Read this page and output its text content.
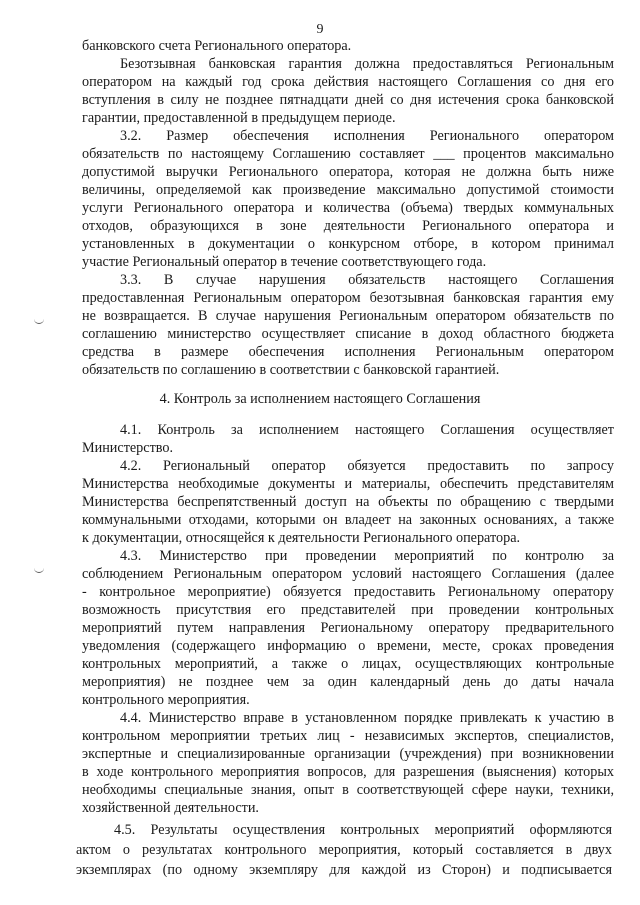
9
банковского счета Регионального оператора.
Безотзывная банковская гарантия должна предоставляться Региональным
оператором на каждый год срока действия настоящего Соглашения со дня его
вступления в силу не позднее пятнадцати дней со дня истечения срока банковской
гарантии, предоставленной в предыдущем периоде.
3.2. Размер обеспечения исполнения Регионального оператором
обязательств по настоящему Соглашению составляет ___ процентов максимально
допустимой выручки Регионального оператора, которая не должна быть ниже
величины, определяемой как произведение максимально допустимой стоимости
услуги Регионального оператора и количества (объема) твердых коммунальных
отходов, образующихся в зоне деятельности Регионального оператора и
установленных в документации о конкурсном отборе, в котором принимал
участие Региональный оператор в течение соответствующего года.
3.3. В случае нарушения обязательств настоящего Соглашения
предоставленная Региональным оператором безотзывная банковская гарантия ему
не возвращается. В случае нарушения Региональным оператором обязательств по
соглашению министерство осуществляет списание в доход областного бюджета
средства в размере обеспечения исполнения Региональным оператором
обязательств по соглашению в соответствии с банковской гарантией.
4. Контроль за исполнением настоящего Соглашения
4.1. Контроль за исполнением настоящего Соглашения осуществляет
Министерство.
4.2. Региональный оператор обязуется предоставить по запросу
Министерства необходимые документы и материалы, обеспечить представителям
Министерства беспрепятственный доступ на объекты по обращению с твердыми
коммунальными отходами, которыми он владеет на законных основаниях, а также
к документации, относящейся к деятельности Регионального оператора.
4.3. Министерство при проведении мероприятий по контролю за
соблюдением Региональным оператором условий настоящего Соглашения (далее
- контрольное мероприятие) обязуется предоставить Региональному оператору
возможность присутствия его представителей при проведении контрольных
мероприятий путем направления Региональному оператору предварительного
уведомления (содержащего информацию о времени, месте, сроках проведения
контрольных мероприятий, а также о лицах, осуществляющих контрольные
мероприятия) не позднее чем за один календарный день до даты начала
контрольного мероприятия.
4.4. Министерство вправе в установленном порядке привлекать к участию в
контрольном мероприятии третьих лиц - независимых экспертов, специалистов,
экспертные и специализированные организации (учреждения) при возникновении
в ходе контрольного мероприятия вопросов, для разрешения (выяснения) которых
необходимы специальные знания, опыт в соответствующей сфере науки, техники,
хозяйственной деятельности.
4.5. Результаты осуществления контрольных мероприятий оформляются
актом о результатах контрольного мероприятия, который составляется в двух
экземплярах (по одному экземпляру для каждой из Сторон) и подписывается
